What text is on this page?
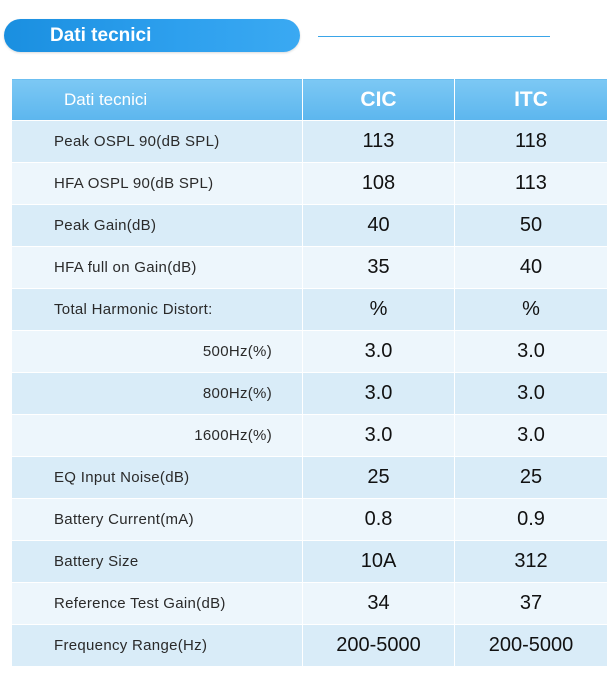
Dati tecnici
Dati tecnici	CIC	ITC
Peak OSPL 90(dB SPL)	113	118
HFA OSPL 90(dB SPL)	108	113
Peak Gain(dB)	40	50
HFA full on Gain(dB)	35	40
Total Harmonic Distort:	%	%
500Hz(%)	3.0	3.0
800Hz(%)	3.0	3.0
1600Hz(%)	3.0	3.0
EQ Input Noise(dB)	25	25
Battery Current(mA)	0.8	0.9
Battery Size	10A	312
Reference Test Gain(dB)	34	37
Frequency Range(Hz)	200-5000	200-5000
